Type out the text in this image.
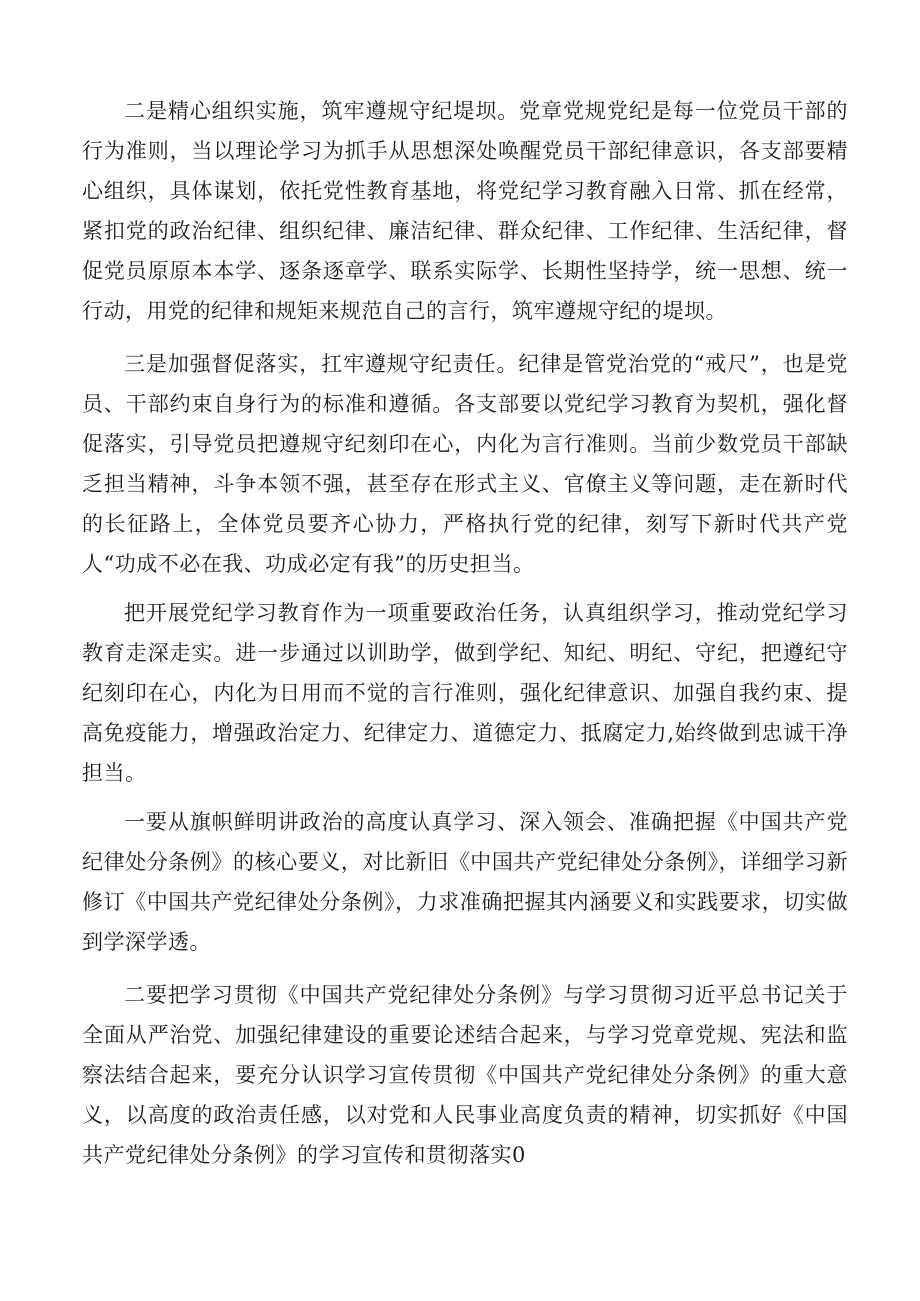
二是精心组织实施，筑牢遵规守纪堤坝。党章党规党纪是每一位党员干部的行为准则，当以理论学习为抓手从思想深处唤醒党员干部纪律意识，各支部要精心组织，具体谋划，依托党性教育基地，将党纪学习教育融入日常、抓在经常，紧扣党的政治纪律、组织纪律、廉洁纪律、群众纪律、工作纪律、生活纪律，督促党员原原本本学、逐条逐章学、联系实际学、长期性坚持学，统一思想、统一行动，用党的纪律和规矩来规范自己的言行，筑牢遵规守纪的堤坝。

三是加强督促落实，扛牢遵规守纪责任。纪律是管党治党的“戒尺”，也是党员、干部约束自身行为的标准和遵循。各支部要以党纪学习教育为契机，强化督促落实，引导党员把遵规守纪刻印在心，内化为言行准则。当前少数党员干部缺乏担当精神，斗争本领不强，甚至存在形式主义、官僚主义等问题，走在新时代的长征路上，全体党员要齐心协力，严格执行党的纪律，刻写下新时代共产党人“功成不必在我、功成必定有我”的历史担当。

把开展党纪学习教育作为一项重要政治任务，认真组织学习，推动党纪学习教育走深走实。进一步通过以训助学，做到学纪、知纪、明纪、守纪，把遵纪守纪刻印在心，内化为日用而不觉的言行准则，强化纪律意识、加强自我约束、提高免疫能力，增强政治定力、纪律定力、道德定力、抵腐定力,始终做到忠诚干净担当。

一要从旗帜鲜明讲政治的高度认真学习、深入领会、准确把握《中国共产党纪律处分条例》的核心要义，对比新旧《中国共产党纪律处分条例》，详细学习新修订《中国共产党纪律处分条例》，力求准确把握其内涵要义和实践要求，切实做到学深学透。

二要把学习贯彻《中国共产党纪律处分条例》与学习贯彻习近平总书记关于全面从严治党、加强纪律建设的重要论述结合起来，与学习党章党规、宪法和监察法结合起来，要充分认识学习宣传贯彻《中国共产党纪律处分条例》的重大意义，以高度的政治责任感，以对党和人民事业高度负责的精神，切实抓好《中国共产党纪律处分条例》的学习宣传和贯彻落实0
